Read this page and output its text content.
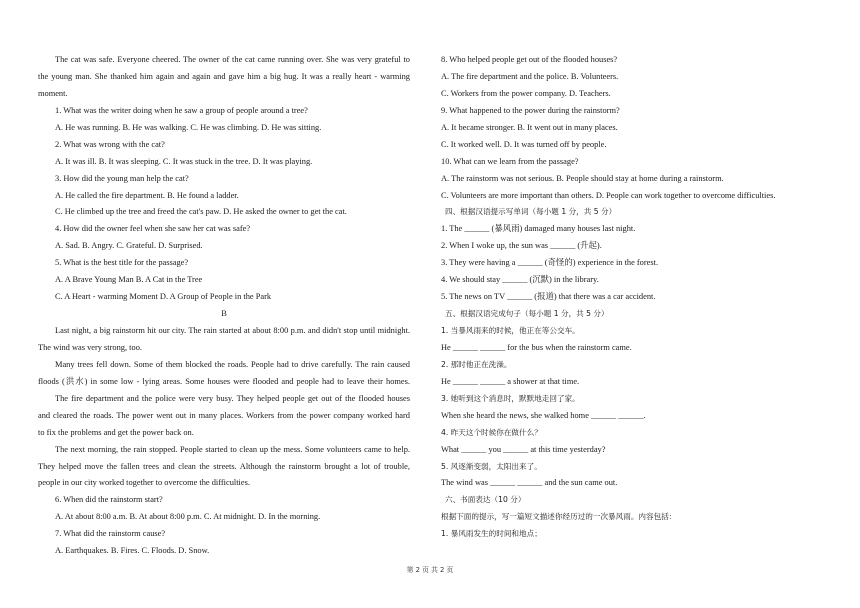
The cat was safe. Everyone cheered. The owner of the cat came running over. She was very grateful to
the young man. She thanked him again and again and gave him a big hug. It was a really heart - warming
moment.
1. What was the writer doing when he saw a group of people around a tree?
A. He was running. B. He was walking. C. He was climbing. D. He was sitting.
2. What was wrong with the cat?
A. It was ill. B. It was sleeping. C. It was stuck in the tree. D. It was playing.
3. How did the young man help the cat?
A. He called the fire department. B. He found a ladder.
C. He climbed up the tree and freed the cat's paw. D. He asked the owner to get the cat.
4. How did the owner feel when she saw her cat was safe?
A. Sad. B. Angry. C. Grateful. D. Surprised.
5. What is the best title for the passage?
A. A Brave Young Man B. A Cat in the Tree
C. A Heart - warming Moment D. A Group of People in the Park
B
Last night, a big rainstorm hit our city. The rain started at about 8:00 p.m. and didn't stop until midnight.
The wind was very strong, too.
Many trees fell down. Some of them blocked the roads. People had to drive carefully. The rain caused
floods (洪水) in some low - lying areas. Some houses were flooded and people had to leave their homes.
The fire department and the police were very busy. They helped people get out of the flooded houses
and cleared the roads. The power went out in many places. Workers from the power company worked hard
to fix the problems and get the power back on.
The next morning, the rain stopped. People started to clean up the mess. Some volunteers came to help.
They helped move the fallen trees and clean the streets. Although the rainstorm brought a lot of trouble,
people in our city worked together to overcome the difficulties.
6. When did the rainstorm start?
A. At about 8:00 a.m. B. At about 8:00 p.m. C. At midnight. D. In the morning.
7. What did the rainstorm cause?
A. Earthquakes. B. Fires. C. Floods. D. Snow.
8. Who helped people get out of the flooded houses?
A. The fire department and the police. B. Volunteers.
C. Workers from the power company. D. Teachers.
9. What happened to the power during the rainstorm?
A. It became stronger. B. It went out in many places.
C. It worked well. D. It was turned off by people.
10. What can we learn from the passage?
A. The rainstorm was not serious. B. People should stay at home during a rainstorm.
C. Volunteers are more important than others. D. People can work together to overcome difficulties.
四、根据汉语提示写单词（每小题 1 分，共 5 分）
1. The ______ (暴风雨) damaged many houses last night.
2. When I woke up, the sun was ______ (升起).
3. They were having a ______ (奇怪的) experience in the forest.
4. We should stay ______ (沉默) in the library.
5. The news on TV ______ (报道) that there was a car accident.
五、根据汉语完成句子（每小题 1 分，共 5 分）
1. 当暴风雨来的时候，他正在等公交车。
He ______ ______ for the bus when the rainstorm came.
2. 那时他正在洗澡。
He ______ ______ a shower at that time.
3. 她听到这个消息时，默默地走回了家。
When she heard the news, she walked home ______ ______.
4. 昨天这个时候你在做什么？
What ______ you ______ at this time yesterday?
5. 风逐渐变弱，太阳出来了。
The wind was ______ ______ and the sun came out.
六、书面表达（10 分）
根据下面的提示，写一篇短文描述你经历过的一次暴风雨。内容包括：
1. 暴风雨发生的时间和地点；
第 2 页 共 2 页
